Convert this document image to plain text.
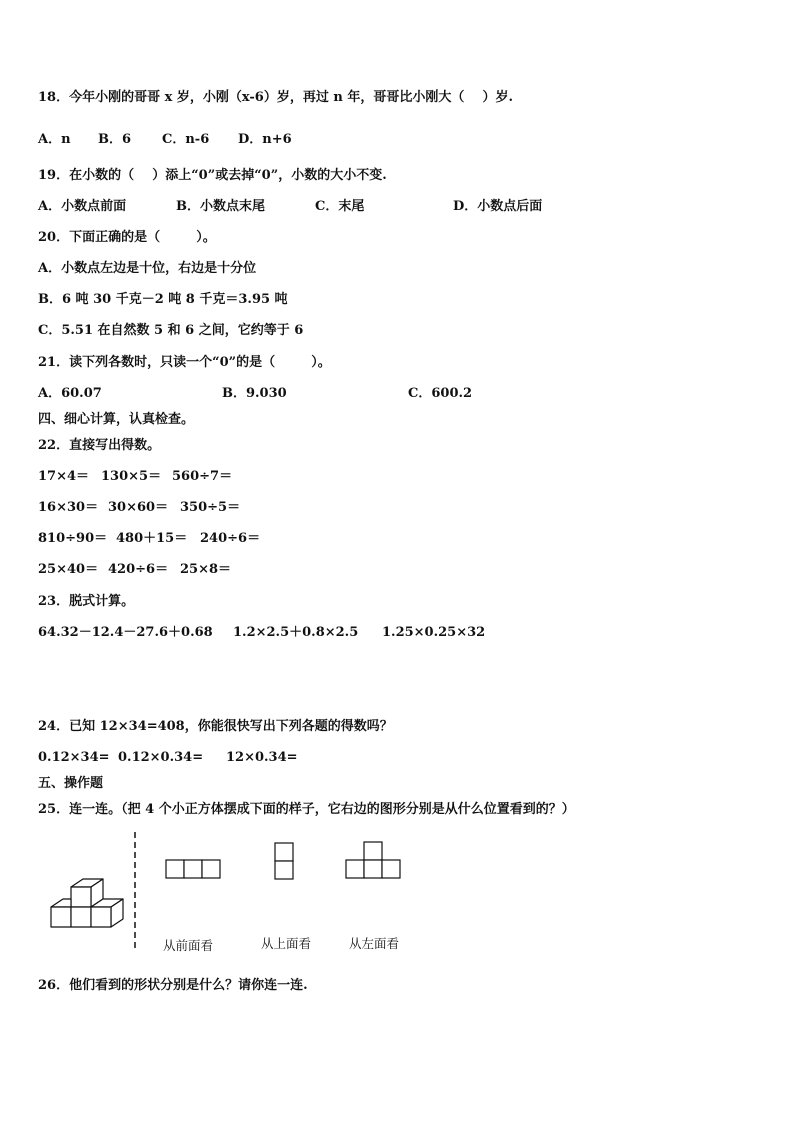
18．今年小刚的哥哥 x 岁，小刚（x-6）岁，再过 n 年，哥哥比小刚大（    ）岁.
A．n B．6 C．n-6 D．n+6
19．在小数的（    ）添上“0”或去掉“0”，小数的大小不变.
A．小数点前面	B．小数点末尾	C．末尾	D．小数点后面
20．下面正确的是（        ）。
A．小数点左边是十位，右边是十分位
B．6 吨 30 千克－2 吨 8 千克＝3.95 吨
C．5.51 在自然数 5 和 6 之间，它约等于 6
21．读下列各数时，只读一个“0”的是（        ）。
A．60.07	B．9.030	C．600.2
四、细心计算，认真检查。
22．直接写出得数。
17×4＝ 130×5＝ 560÷7＝
16×30＝ 30×60＝ 350÷5＝
810÷90＝ 480＋15＝ 240÷6＝
25×40＝ 420÷6＝ 25×8＝
23．脱式计算。
64.32－12.4－27.6＋0.68 1.2×2.5＋0.8×2.5 1.25×0.25×32
24．已知 12×34=408，你能很快写出下列各题的得数吗？
0.12×34= 0.12×0.34= 12×0.34=
五、操作题
25．连一连。（把 4 个小正方体摆成下面的样子，它右边的图形分别是从什么位置看到的？）
从前面看	从上面看	从左面看
26．他们看到的形状分别是什么？请你连一连.
